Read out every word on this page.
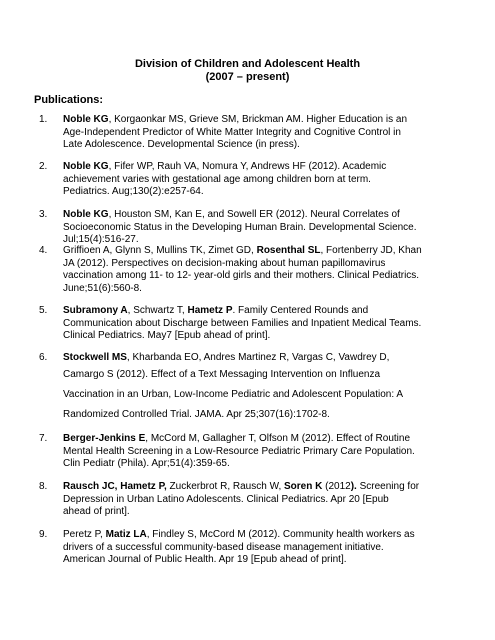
Division of Children and Adolescent Health
(2007 – present)
Publications:
1. Noble KG, Korgaonkar MS, Grieve SM, Brickman AM. Higher Education is an
Age-Independent Predictor of White Matter Integrity and Cognitive Control in
Late Adolescence. Developmental Science (in press).
2. Noble KG, Fifer WP, Rauh VA, Nomura Y, Andrews HF (2012). Academic
achievement varies with gestational age among children born at term.
Pediatrics. Aug;130(2):e257-64.
3. Noble KG, Houston SM, Kan E, and Sowell ER (2012). Neural Correlates of
Socioeconomic Status in the Developing Human Brain. Developmental Science.
Jul;15(4):516-27.
4. Griffioen A, Glynn S, Mullins TK, Zimet GD, Rosenthal SL, Fortenberry JD, Khan
JA (2012). Perspectives on decision-making about human papillomavirus
vaccination among 11- to 12- year-old girls and their mothers. Clinical Pediatrics.
June;51(6):560-8.
5. Subramony A, Schwartz T, Hametz P. Family Centered Rounds and
Communication about Discharge between Families and Inpatient Medical Teams.
Clinical Pediatrics. May7 [Epub ahead of print].
6. Stockwell MS, Kharbanda EO, Andres Martinez R, Vargas C, Vawdrey D,
Camargo S (2012). Effect of a Text Messaging Intervention on Influenza
Vaccination in an Urban, Low-Income Pediatric and Adolescent Population: A
Randomized Controlled Trial. JAMA. Apr 25;307(16):1702-8.
7. Berger-Jenkins E, McCord M, Gallagher T, Olfson M (2012). Effect of Routine
Mental Health Screening in a Low-Resource Pediatric Primary Care Population.
Clin Pediatr (Phila). Apr;51(4):359-65.
8. Rausch JC, Hametz P, Zuckerbrot R, Rausch W, Soren K (2012). Screening for
Depression in Urban Latino Adolescents. Clinical Pediatrics. Apr 20 [Epub
ahead of print].
9. Peretz P, Matiz LA, Findley S, McCord M (2012). Community health workers as
drivers of a successful community-based disease management initiative.
American Journal of Public Health. Apr 19 [Epub ahead of print].
